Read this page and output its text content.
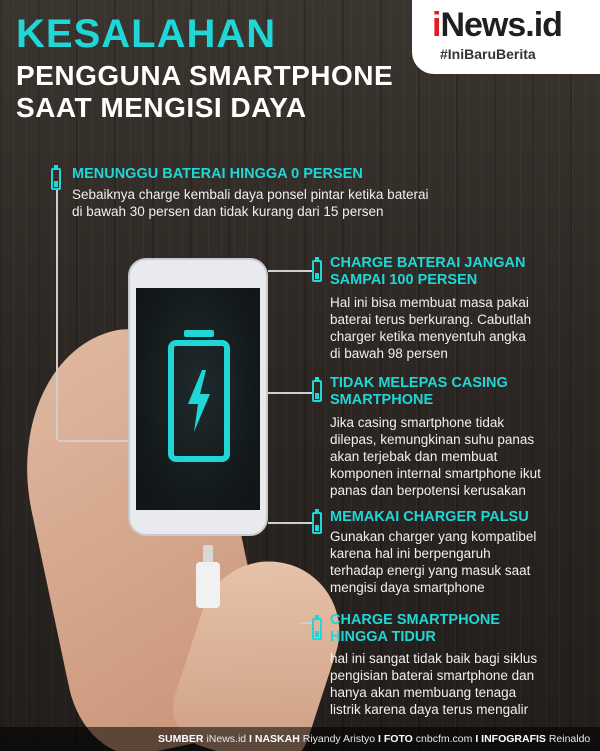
KESALAHAN
PENGGUNA SMARTPHONE
SAAT MENGISI DAYA
iNews.id
#IniBaruBerita
MENUNGGU BATERAI HINGGA 0 PERSEN
Sebaiknya charge kembali daya ponsel pintar ketika baterai
di bawah 30 persen dan tidak kurang dari 15 persen
CHARGE BATERAI JANGAN
SAMPAI 100 PERSEN
Hal ini bisa membuat masa pakai
baterai terus berkurang. Cabutlah
charger ketika menyentuh angka
di bawah 98 persen
TIDAK MELEPAS CASING
SMARTPHONE
Jika casing smartphone tidak
dilepas, kemungkinan suhu panas
akan terjebak dan membuat
komponen internal smartphone ikut
panas dan berpotensi kerusakan
MEMAKAI CHARGER PALSU
Gunakan charger yang kompatibel
karena hal ini berpengaruh
terhadap energi yang masuk saat
mengisi daya smartphone
CHARGE SMARTPHONE
HINGGA TIDUR
hal ini sangat tidak baik bagi siklus
pengisian baterai smartphone dan
hanya akan membuang tenaga
listrik karena daya terus mengalir
SUMBER iNews.id I NASKAH Riyandy Aristyo I FOTO cnbcfm.com I INFOGRAFIS Reinaldo
